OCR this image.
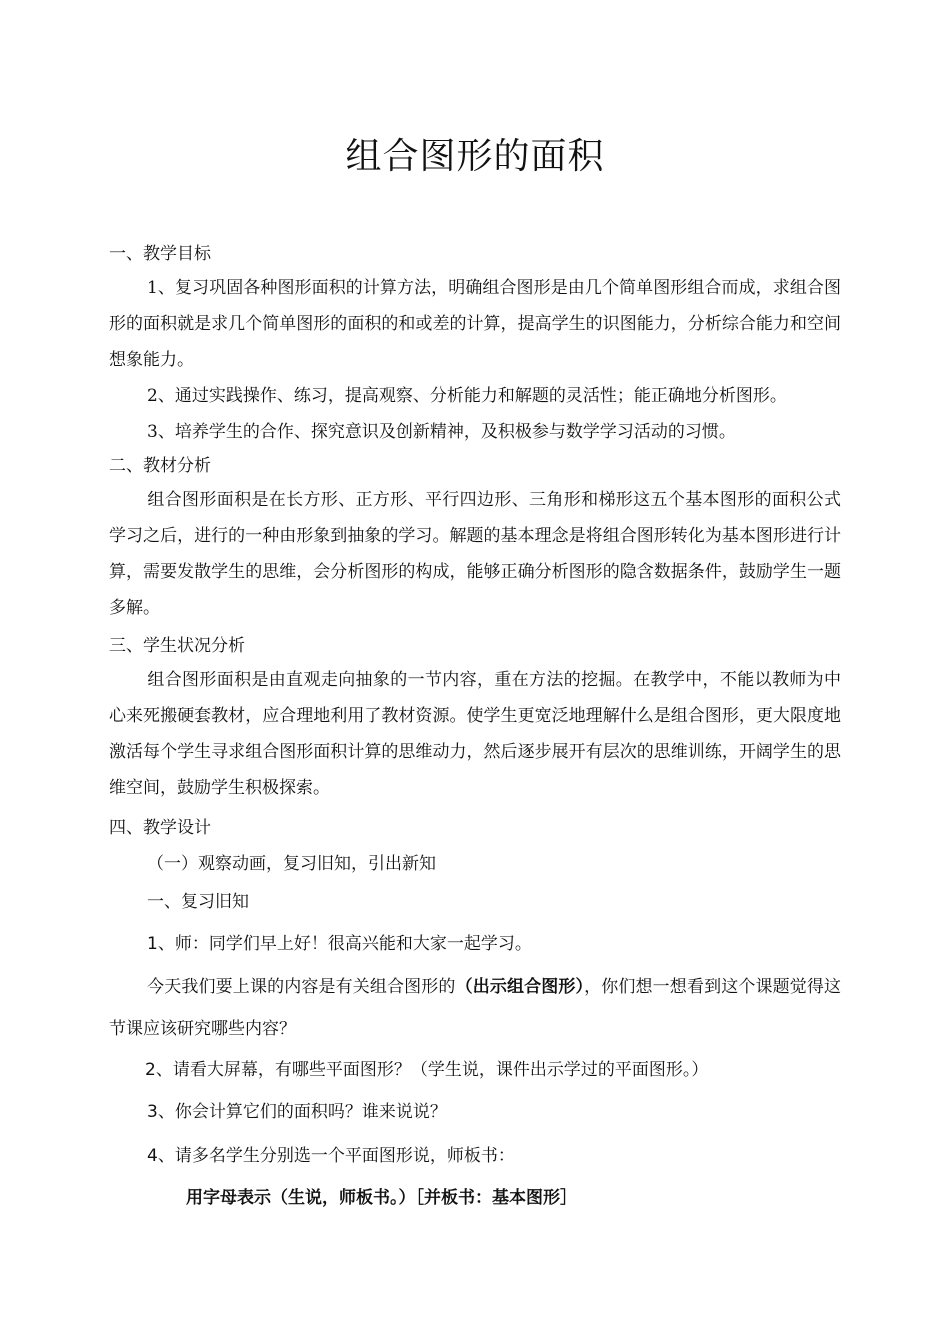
组合图形的面积
一、教学目标
1、复习巩固各种图形面积的计算方法，明确组合图形是由几个简单图形组合而成，求组合图形的面积就是求几个简单图形的面积的和或差的计算，提高学生的识图能力，分析综合能力和空间想象能力。
2、通过实践操作、练习，提高观察、分析能力和解题的灵活性；能正确地分析图形。
3、培养学生的合作、探究意识及创新精神，及积极参与数学学习活动的习惯。
二、教材分析
组合图形面积是在长方形、正方形、平行四边形、三角形和梯形这五个基本图形的面积公式学习之后，进行的一种由形象到抽象的学习。解题的基本理念是将组合图形转化为基本图形进行计算，需要发散学生的思维，会分析图形的构成，能够正确分析图形的隐含数据条件，鼓励学生一题多解。
三、学生状况分析
组合图形面积是由直观走向抽象的一节内容，重在方法的挖掘。在教学中，不能以教师为中心来死搬硬套教材，应合理地利用了教材资源。使学生更宽泛地理解什么是组合图形，更大限度地激活每个学生寻求组合图形面积计算的思维动力，然后逐步展开有层次的思维训练，开阔学生的思维空间，鼓励学生积极探索。
四、教学设计
（一）观察动画，复习旧知，引出新知
一、复习旧知
1、师：同学们早上好！很高兴能和大家一起学习。
今天我们要上课的内容是有关组合图形的（出示组合图形），你们想一想看到这个课题觉得这节课应该研究哪些内容？
2、请看大屏幕，有哪些平面图形？（学生说，课件出示学过的平面图形。）
3、你会计算它们的面积吗？谁来说说？
4、请多名学生分别选一个平面图形说，师板书：
用字母表示（生说，师板书。）［并板书：基本图形］
